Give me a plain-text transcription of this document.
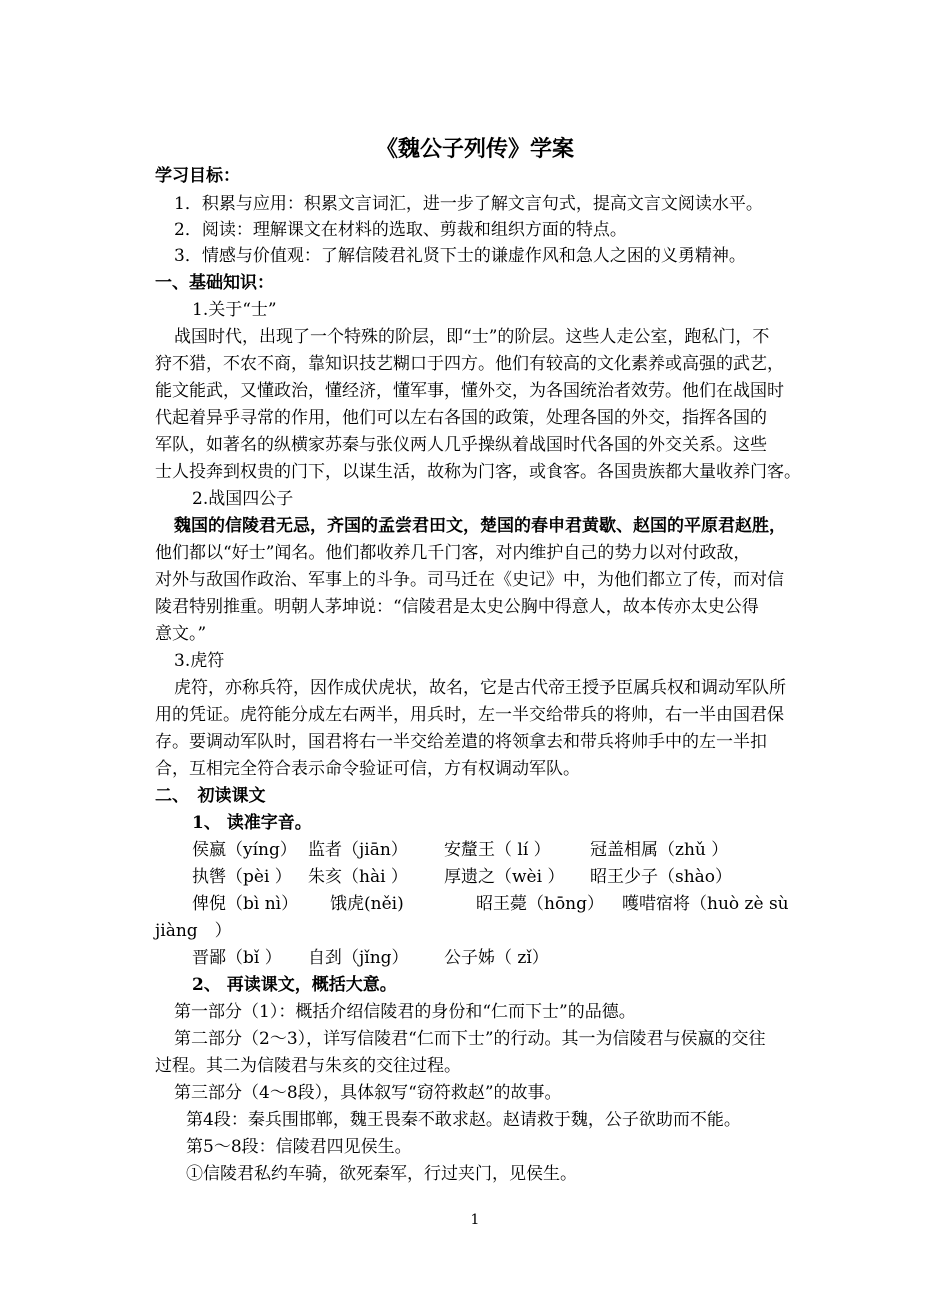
《魏公子列传》学案
学习目标：
1．积累与应用：积累文言词汇，进一步了解文言句式，提高文言文阅读水平。
2．阅读：理解课文在材料的选取、剪裁和组织方面的特点。
3．情感与价值观：了解信陵君礼贤下士的谦虚作风和急人之困的义勇精神。
一、基础知识：
1.关于“士”
战国时代，出现了一个特殊的阶层，即“士”的阶层。这些人走公室，跑私门，不
狩不猎，不农不商，靠知识技艺糊口于四方。他们有较高的文化素养或高强的武艺，
能文能武，又懂政治，懂经济，懂军事，懂外交，为各国统治者效劳。他们在战国时
代起着异乎寻常的作用，他们可以左右各国的政策，处理各国的外交，指挥各国的
军队，如著名的纵横家苏秦与张仪两人几乎操纵着战国时代各国的外交关系。这些
士人投奔到权贵的门下，以谋生活，故称为门客，或食客。各国贵族都大量收养门客。
2.战国四公子
魏国的信陵君无忌，齐国的孟尝君田文，楚国的春申君黄歇、赵国的平原君赵胜，
他们都以“好士”闻名。他们都收养几千门客，对内维护自己的势力以对付政敌，
对外与敌国作政治、军事上的斗争。司马迁在《史记》中，为他们都立了传，而对信
陵君特别推重。明朝人茅坤说：“信陵君是太史公胸中得意人，故本传亦太史公得
意文。”
3.虎符
虎符，亦称兵符，因作成伏虎状，故名，它是古代帝王授予臣属兵权和调动军队所
用的凭证。虎符能分成左右两半，用兵时，左一半交给带兵的将帅，右一半由国君保
存。要调动军队时，国君将右一半交给差遣的将领拿去和带兵将帅手中的左一半扣
合，互相完全符合表示命令验证可信，方有权调动军队。
二、　初读课文
1、 读准字音。
侯嬴（yíng） 监者（jiān） 安釐王（ lí ） 冠盖相属（zhǔ ）
执辔（pèi ） 朱亥（hài ） 厚遗之（wèi ） 昭王少子（shào）
俾倪（bì nì） 饿虎(něi)	昭王薨（hōng） 嚄唶宿将（huò zè sù
jiàng　）
晋鄙（bǐ ） 自刭（jǐng） 公子姊（ zǐ）
2、 再读课文，概括大意。
第一部分（1）：概括介绍信陵君的身份和“仁而下士”的品德。
第二部分（2～3），详写信陵君“仁而下士”的行动。其一为信陵君与侯嬴的交往
过程。其二为信陵君与朱亥的交往过程。
第三部分（4～8段），具体叙写“窃符救赵”的故事。
第4段：秦兵围邯郸，魏王畏秦不敢求赵。赵请救于魏，公子欲助而不能。
第5～8段：信陵君四见侯生。
①信陵君私约车骑，欲死秦军，行过夹门，见侯生。
1
